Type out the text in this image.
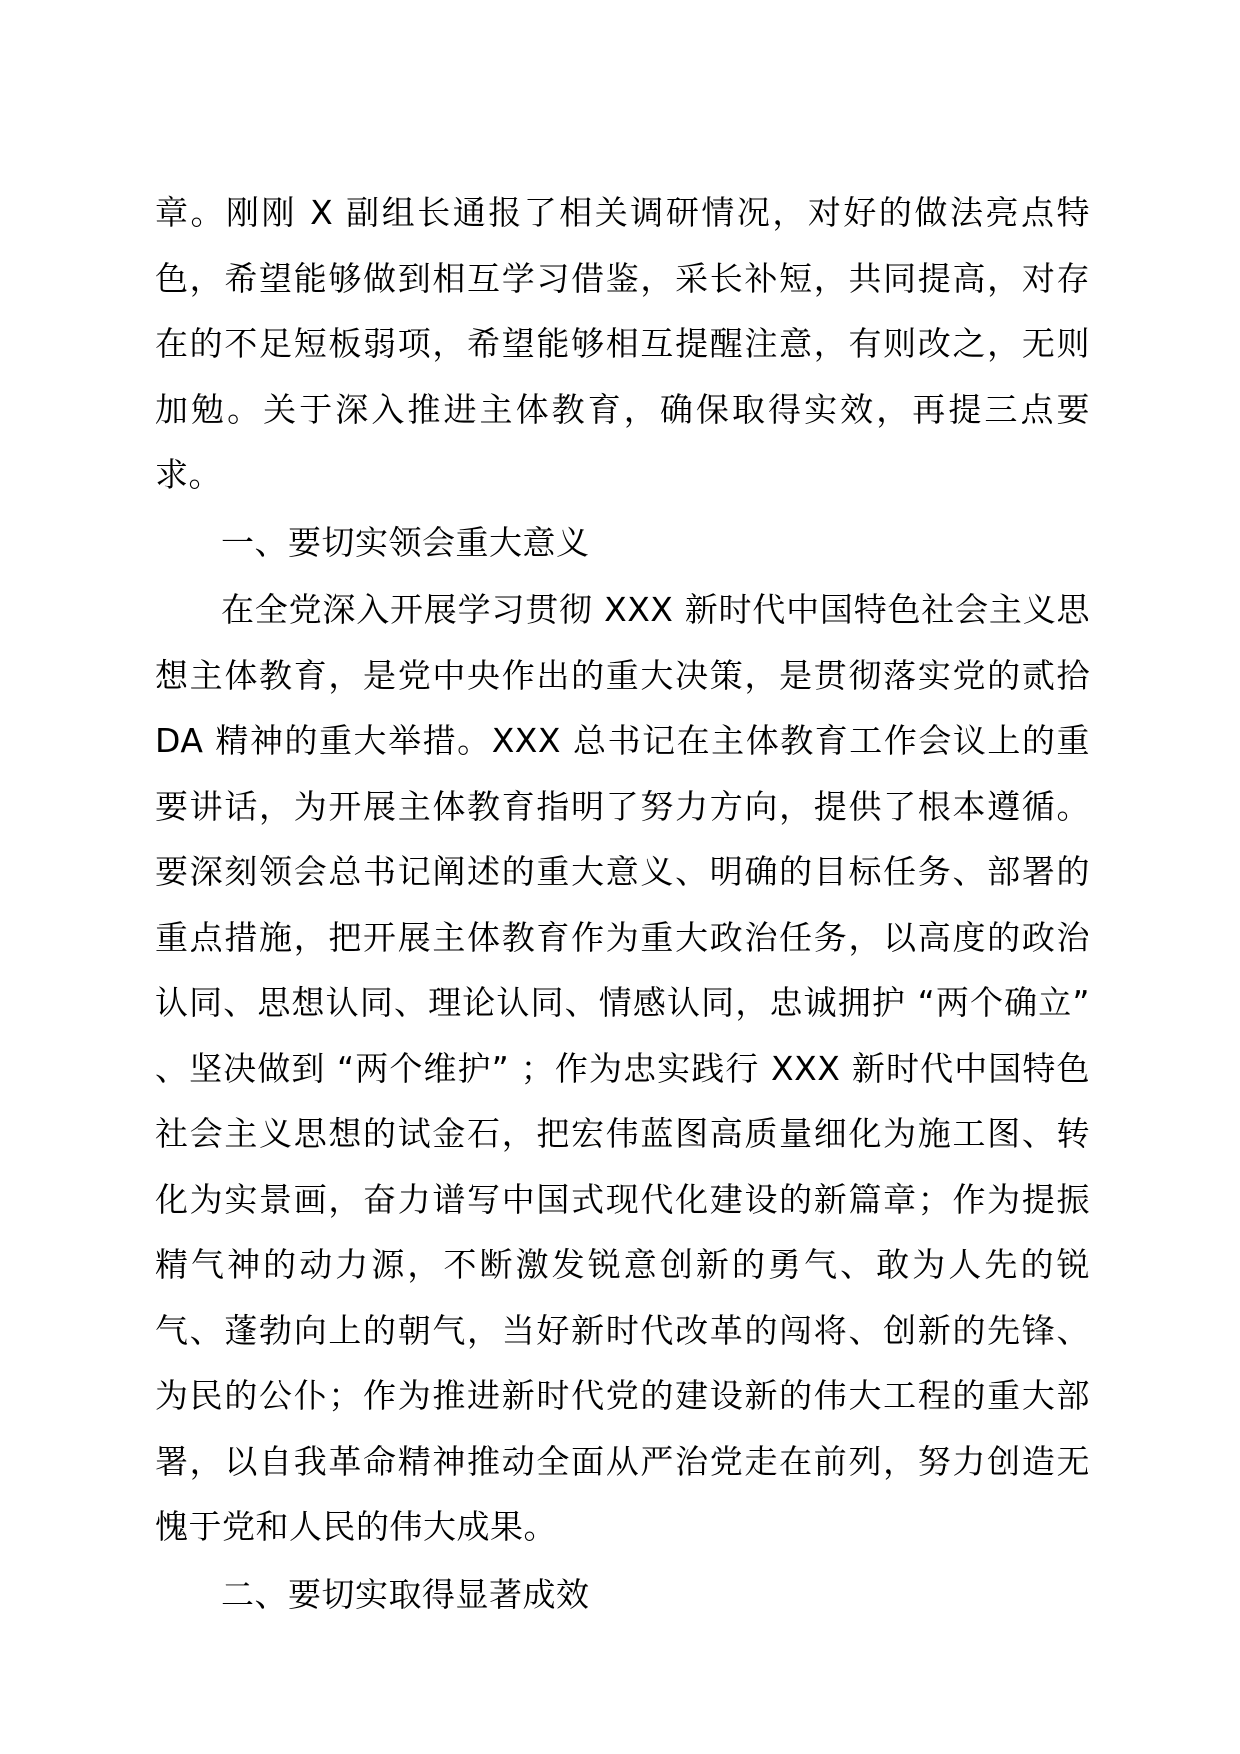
章。刚刚 X 副组长通报了相关调研情况，对好的做法亮点特色，希望能够做到相互学习借鉴，采长补短，共同提高，对存在的不足短板弱项，希望能够相互提醒注意，有则改之，无则加勉。关于深入推进主体教育，确保取得实效，再提三点要求。

一、要切实领会重大意义

在全党深入开展学习贯彻 XXX 新时代中国特色社会主义思想主体教育，是党中央作出的重大决策，是贯彻落实党的贰拾 DA 精神的重大举措。XXX 总书记在主体教育工作会议上的重要讲话，为开展主体教育指明了努力方向，提供了根本遵循。要深刻领会总书记阐述的重大意义、明确的目标任务、部署的重点措施，把开展主体教育作为重大政治任务，以高度的政治认同、思想认同、理论认同、情感认同，忠诚拥护 “两个确立” 、坚决做到 “两个维护” ；作为忠实践行 XXX 新时代中国特色社会主义思想的试金石，把宏伟蓝图高质量细化为施工图、转化为实景画，奋力谱写中国式现代化建设的新篇章；作为提振精气神的动力源，不断激发锐意创新的勇气、敢为人先的锐气、蓬勃向上的朝气，当好新时代改革的闯将、创新的先锋、为民的公仆；作为推进新时代党的建设新的伟大工程的重大部署，以自我革命精神推动全面从严治党走在前列，努力创造无愧于党和人民的伟大成果。

二、要切实取得显著成效
